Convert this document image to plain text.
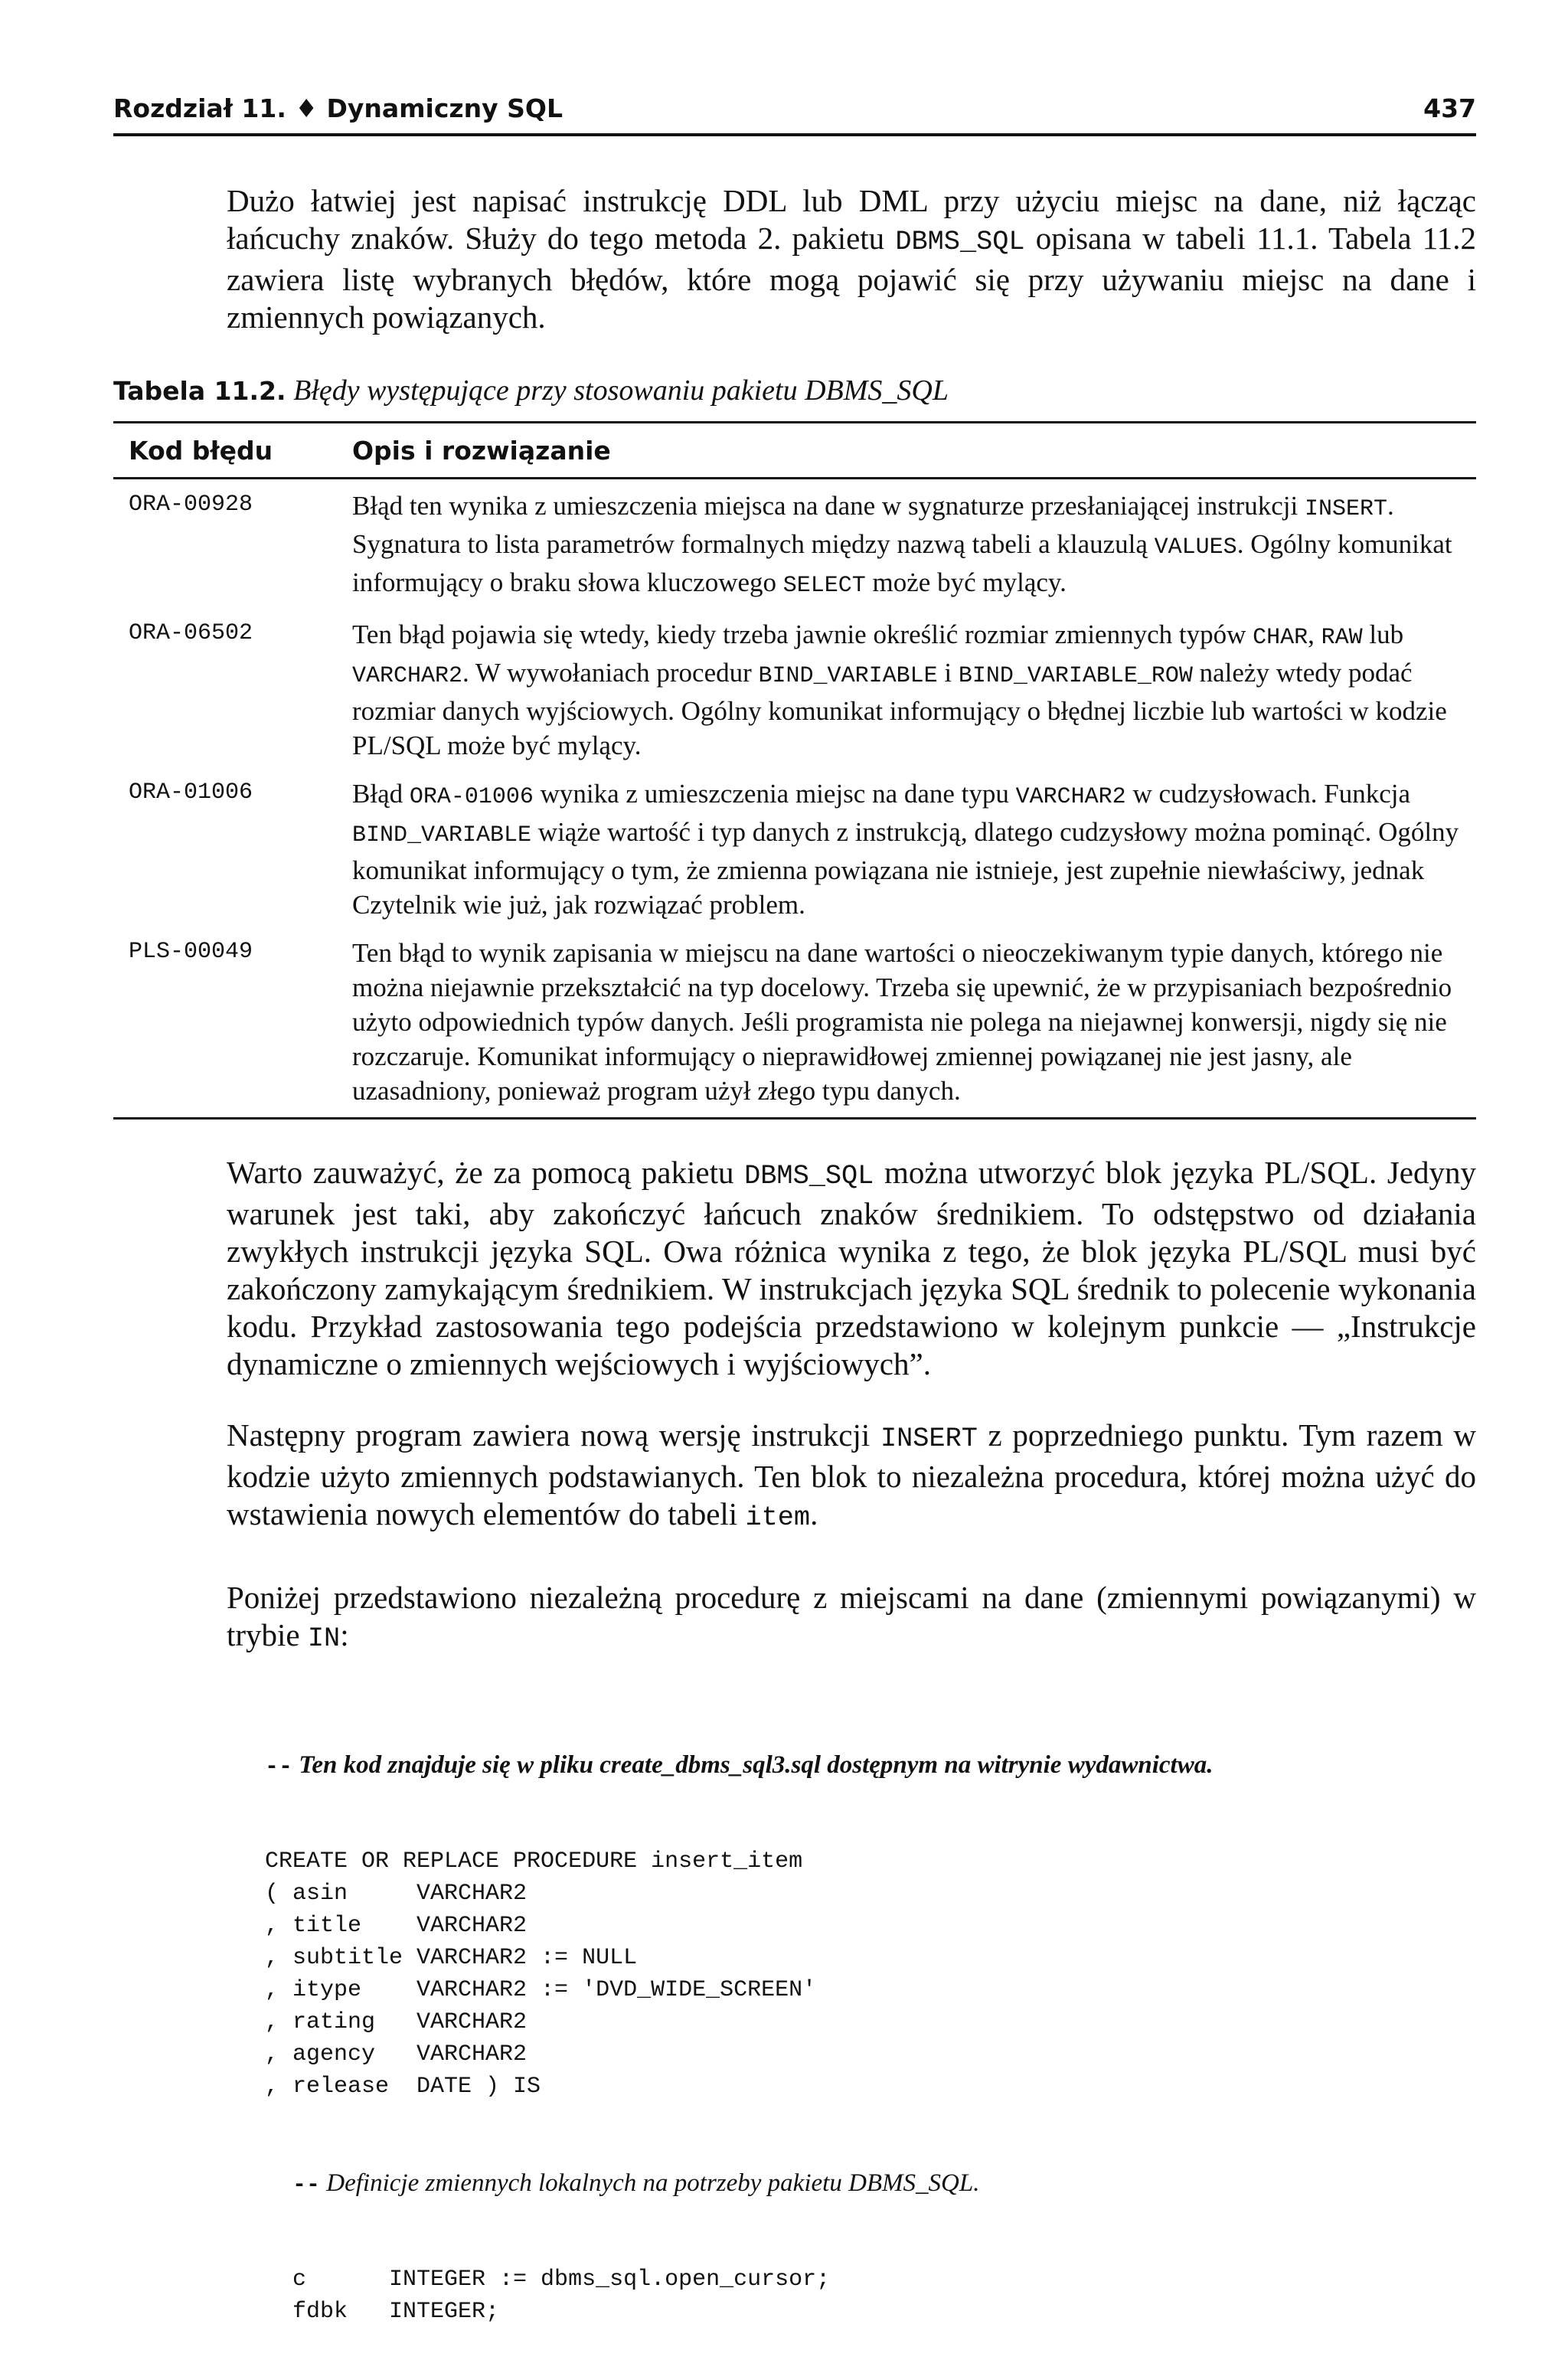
Rozdział 11. ♦ Dynamiczny SQL	437

Dużo łatwiej jest napisać instrukcję DDL lub DML przy użyciu miejsc na dane, niż łącząc łańcuchy znaków. Służy do tego metoda 2. pakietu DBMS_SQL opisana w tabeli 11.1. Tabela 11.2 zawiera listę wybranych błędów, które mogą pojawić się przy używaniu miejsc na dane i zmiennych powiązanych.

Tabela 11.2. Błędy występujące przy stosowaniu pakietu DBMS_SQL
Kod błędu	Opis i rozwiązanie
ORA-00928	Błąd ten wynika z umieszczenia miejsca na dane w sygnaturze przesłaniającej instrukcji INSERT. Sygnatura to lista parametrów formalnych między nazwą tabeli a klauzulą VALUES. Ogólny komunikat informujący o braku słowa kluczowego SELECT może być mylący.
ORA-06502	Ten błąd pojawia się wtedy, kiedy trzeba jawnie określić rozmiar zmiennych typów CHAR, RAW lub VARCHAR2. W wywołaniach procedur BIND_VARIABLE i BIND_VARIABLE_ROW należy wtedy podać rozmiar danych wyjściowych. Ogólny komunikat informujący o błędnej liczbie lub wartości w kodzie PL/SQL może być mylący.
ORA-01006	Błąd ORA-01006 wynika z umieszczenia miejsc na dane typu VARCHAR2 w cudzysłowach. Funkcja BIND_VARIABLE wiąże wartość i typ danych z instrukcją, dlatego cudzysłowy można pominąć. Ogólny komunikat informujący o tym, że zmienna powiązana nie istnieje, jest zupełnie niewłaściwy, jednak Czytelnik wie już, jak rozwiązać problem.
PLS-00049	Ten błąd to wynik zapisania w miejscu na dane wartości o nieoczekiwanym typie danych, którego nie można niejawnie przekształcić na typ docelowy. Trzeba się upewnić, że w przypisaniach bezpośrednio użyto odpowiednich typów danych. Jeśli programista nie polega na niejawnej konwersji, nigdy się nie rozczaruje. Komunikat informujący o nieprawidłowej zmiennej powiązanej nie jest jasny, ale uzasadniony, ponieważ program użył złego typu danych.

Warto zauważyć, że za pomocą pakietu DBMS_SQL można utworzyć blok języka PL/SQL. Jedyny warunek jest taki, aby zakończyć łańcuch znaków średnikiem. To odstępstwo od działania zwykłych instrukcji języka SQL. Owa różnica wynika z tego, że blok języka PL/SQL musi być zakończony zamykającym średnikiem. W instrukcjach języka SQL średnik to polecenie wykonania kodu. Przykład zastosowania tego podejścia przedstawiono w kolejnym punkcie — „Instrukcje dynamiczne o zmiennych wejściowych i wyjściowych”.

Następny program zawiera nową wersję instrukcji INSERT z poprzedniego punktu. Tym razem w kodzie użyto zmiennych podstawianych. Ten blok to niezależna procedura, której można użyć do wstawienia nowych elementów do tabeli item.

Poniżej przedstawiono niezależną procedurę z miejscami na dane (zmiennymi powiązanymi) w trybie IN:

-- Ten kod znajduje się w pliku create_dbms_sql3.sql dostępnym na witrynie wydawnictwa.

CREATE OR REPLACE PROCEDURE insert_item
( asin     VARCHAR2
, title    VARCHAR2
, subtitle VARCHAR2 := NULL
, itype    VARCHAR2 := 'DVD_WIDE_SCREEN'
, rating   VARCHAR2
, agency   VARCHAR2
, release  DATE ) IS

-- Definicje zmiennych lokalnych na potrzeby pakietu DBMS_SQL.

c      INTEGER := dbms_sql.open_cursor;
fdbk   INTEGER;
